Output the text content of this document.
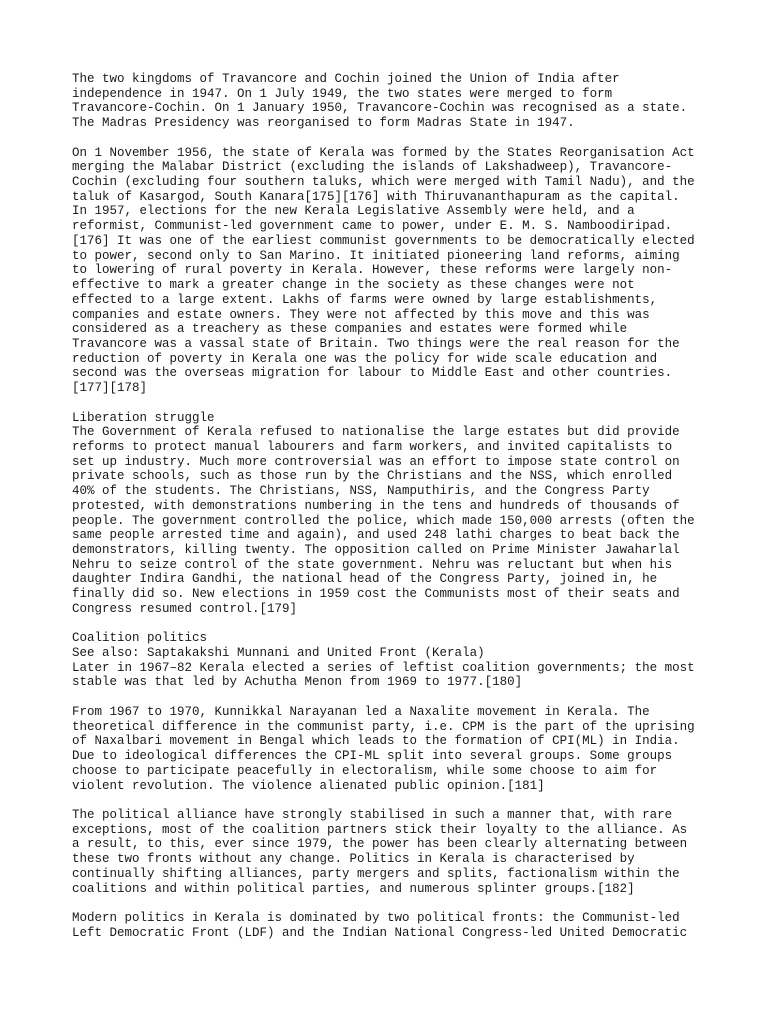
The two kingdoms of Travancore and Cochin joined the Union of India after
independence in 1947. On 1 July 1949, the two states were merged to form
Travancore-Cochin. On 1 January 1950, Travancore-Cochin was recognised as a state.
The Madras Presidency was reorganised to form Madras State in 1947.
On 1 November 1956, the state of Kerala was formed by the States Reorganisation Act
merging the Malabar District (excluding the islands of Lakshadweep), Travancore-
Cochin (excluding four southern taluks, which were merged with Tamil Nadu), and the
taluk of Kasargod, South Kanara[175][176] with Thiruvananthapuram as the capital.
In 1957, elections for the new Kerala Legislative Assembly were held, and a
reformist, Communist-led government came to power, under E. M. S. Namboodiripad.
[176] It was one of the earliest communist governments to be democratically elected
to power, second only to San Marino. It initiated pioneering land reforms, aiming
to lowering of rural poverty in Kerala. However, these reforms were largely non-
effective to mark a greater change in the society as these changes were not
effected to a large extent. Lakhs of farms were owned by large establishments,
companies and estate owners. They were not affected by this move and this was
considered as a treachery as these companies and estates were formed while
Travancore was a vassal state of Britain. Two things were the real reason for the
reduction of poverty in Kerala one was the policy for wide scale education and
second was the overseas migration for labour to Middle East and other countries.
[177][178]
Liberation struggle
The Government of Kerala refused to nationalise the large estates but did provide
reforms to protect manual labourers and farm workers, and invited capitalists to
set up industry. Much more controversial was an effort to impose state control on
private schools, such as those run by the Christians and the NSS, which enrolled
40% of the students. The Christians, NSS, Namputhiris, and the Congress Party
protested, with demonstrations numbering in the tens and hundreds of thousands of
people. The government controlled the police, which made 150,000 arrests (often the
same people arrested time and again), and used 248 lathi charges to beat back the
demonstrators, killing twenty. The opposition called on Prime Minister Jawaharlal
Nehru to seize control of the state government. Nehru was reluctant but when his
daughter Indira Gandhi, the national head of the Congress Party, joined in, he
finally did so. New elections in 1959 cost the Communists most of their seats and
Congress resumed control.[179]
Coalition politics
See also: Saptakakshi Munnani and United Front (Kerala)
Later in 1967–82 Kerala elected a series of leftist coalition governments; the most
stable was that led by Achutha Menon from 1969 to 1977.[180]
From 1967 to 1970, Kunnikkal Narayanan led a Naxalite movement in Kerala. The
theoretical difference in the communist party, i.e. CPM is the part of the uprising
of Naxalbari movement in Bengal which leads to the formation of CPI(ML) in India.
Due to ideological differences the CPI-ML split into several groups. Some groups
choose to participate peacefully in electoralism, while some choose to aim for
violent revolution. The violence alienated public opinion.[181]
The political alliance have strongly stabilised in such a manner that, with rare
exceptions, most of the coalition partners stick their loyalty to the alliance. As
a result, to this, ever since 1979, the power has been clearly alternating between
these two fronts without any change. Politics in Kerala is characterised by
continually shifting alliances, party mergers and splits, factionalism within the
coalitions and within political parties, and numerous splinter groups.[182]
Modern politics in Kerala is dominated by two political fronts: the Communist-led
Left Democratic Front (LDF) and the Indian National Congress-led United Democratic
